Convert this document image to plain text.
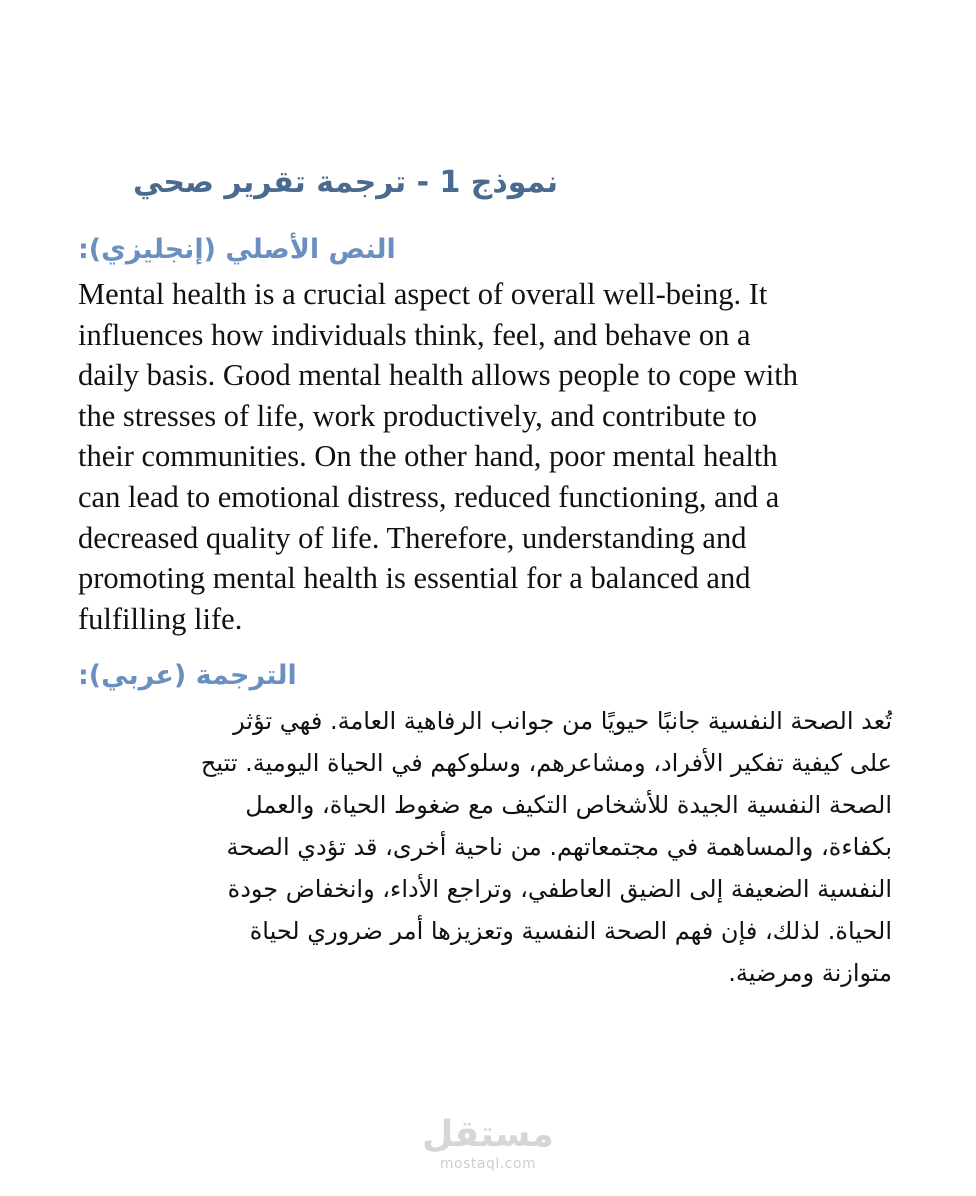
نموذج 1 - ترجمة تقرير صحي
النص الأصلي (إنجليزي):

Mental health is a crucial aspect of overall well-being. It
influences how individuals think, feel, and behave on a
daily basis. Good mental health allows people to cope with
the stresses of life, work productively, and contribute to
their communities. On the other hand, poor mental health
can lead to emotional distress, reduced functioning, and a
decreased quality of life. Therefore, understanding and
promoting mental health is essential for a balanced and
fulfilling life.

الترجمة (عربي):

تُعد الصحة النفسية جانبًا حيويًا من جوانب الرفاهية العامة. فهي تؤثر
على كيفية تفكير الأفراد، ومشاعرهم، وسلوكهم في الحياة اليومية. تتيح
الصحة النفسية الجيدة للأشخاص التكيف مع ضغوط الحياة، والعمل
بكفاءة، والمساهمة في مجتمعاتهم. من ناحية أخرى، قد تؤدي الصحة
النفسية الضعيفة إلى الضيق العاطفي، وتراجع الأداء، وانخفاض جودة
الحياة. لذلك، فإن فهم الصحة النفسية وتعزيزها أمر ضروري لحياة
متوازنة ومرضية.

مستقل
mostaql.com
